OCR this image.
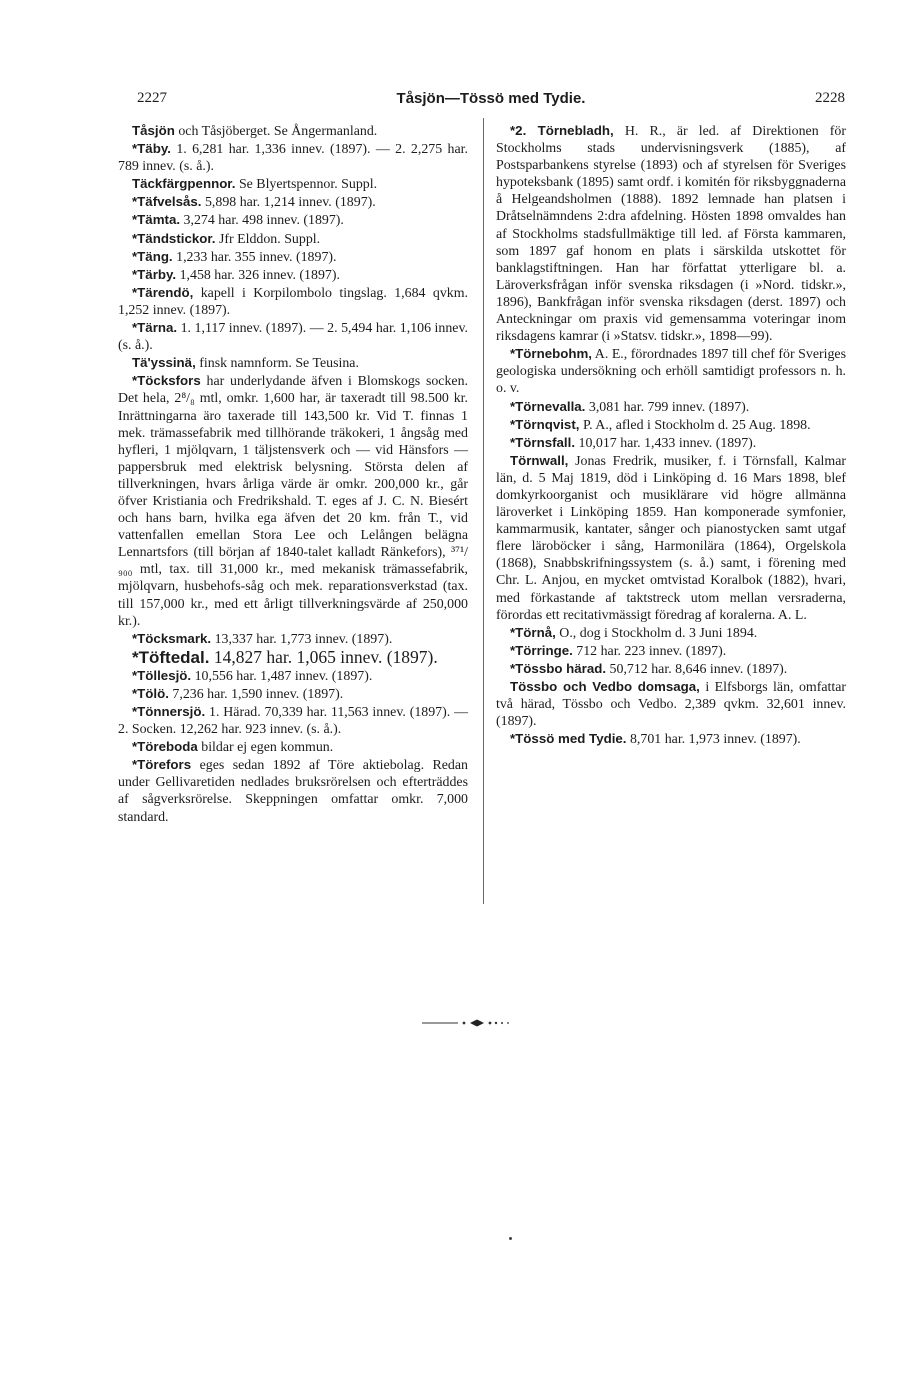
2227	Tåsjön—Tössö med Tydie.	2228

Tåsjön och Tåsjöberget. Se Ångermanland.

*Täby. 1. 6,281 har. 1,336 innev. (1897). — 2. 2,275 har. 789 innev. (s. å.).

Täckfärgpennor. Se Blyertspennor. Suppl.

*Täfvelsås. 5,898 har. 1,214 innev. (1897).

*Tämta. 3,274 har. 498 innev. (1897).

*Tändstickor. Jfr Elddon. Suppl.

*Täng. 1,233 har. 355 innev. (1897).

*Tärby. 1,458 har. 326 innev. (1897).

*Tärendö, kapell i Korpilombolo tingslag. 1,684 qvkm. 1,252 innev. (1897).

*Tärna. 1. 1,117 innev. (1897). — 2. 5,494 har. 1,106 innev. (s. å.).

Tä'yssinä, finsk namnform. Se Teusina.

*Töcksfors har underlydande äfven i Blomskogs socken. Det hela, 2⁸/₈ mtl, omkr. 1,600 har, är taxeradt till 98.500 kr. Inrättningarna äro taxerade till 143,500 kr. Vid T. finnas 1 mek. trämassefabrik med tillhörande träkokeri, 1 ångsåg med hyfleri, 1 mjölqvarn, 1 täljstensverk och — vid Hänsfors — pappersbruk med elektrisk belysning. Största delen af tillverkningen, hvars årliga värde är omkr. 200,000 kr., går öfver Kristiania och Fredrikshald. T. eges af J. C. N. Biesért och hans barn, hvilka ega äfven det 20 km. från T., vid vattenfallen emellan Stora Lee och Lelången belägna Lennartsfors (till början af 1840-talet kalladt Ränkefors), ³⁷¹/₉₀₀ mtl, tax. till 31,000 kr., med mekanisk trämassefabrik, mjölqvarn, husbehofs-såg och mek. reparationsverkstad (tax. till 157,000 kr., med ett årligt tillverkningsvärde af 250,000 kr.).

*Töcksmark. 13,337 har. 1,773 innev. (1897).

*Töftedal. 14,827 har. 1,065 innev. (1897).

*Töllesjö. 10,556 har. 1,487 innev. (1897).

*Tölö. 7,236 har. 1,590 innev. (1897).

*Tönnersjö. 1. Härad. 70,339 har. 11,563 innev. (1897). — 2. Socken. 12,262 har. 923 innev. (s. å.).

*Töreboda bildar ej egen kommun.

*Törefors eges sedan 1892 af Töre aktiebolag. Redan under Gellivaretiden nedlades bruksrörelsen och efterträddes af sågverksrörelse. Skeppningen omfattar omkr. 7,000 standard.

*2. Törnebladh, H. R., är led. af Direktionen för Stockholms stads undervisningsverk (1885), af Postsparbankens styrelse (1893) och af styrelsen för Sveriges hypoteksbank (1895) samt ordf. i komitén för riksbyggnaderna å Helgeandsholmen (1888). 1892 lemnade han platsen i Dråtselnämndens 2:dra afdelning. Hösten 1898 omvaldes han af Stockholms stadsfullmäktige till led. af Första kammaren, som 1897 gaf honom en plats i särskilda utskottet för banklagstiftningen. Han har författat ytterligare bl. a. Läroverksfrågan inför svenska riksdagen (i »Nord. tidskr.», 1896), Bankfrågan inför svenska riksdagen (derst. 1897) och Anteckningar om praxis vid gemensamma voteringar inom riksdagens kamrar (i »Statsv. tidskr.», 1898—99).

*Törnebohm, A. E., förordnades 1897 till chef för Sveriges geologiska undersökning och erhöll samtidigt professors n. h. o. v.

*Törnevalla. 3,081 har. 799 innev. (1897).

*Törnqvist, P. A., afled i Stockholm d. 25 Aug. 1898.

*Törnsfall. 10,017 har. 1,433 innev. (1897).

Törnwall, Jonas Fredrik, musiker, f. i Törnsfall, Kalmar län, d. 5 Maj 1819, död i Linköping d. 16 Mars 1898, blef domkyrkoorganist och musiklärare vid högre allmänna läroverket i Linköping 1859. Han komponerade symfonier, kammarmusik, kantater, sånger och pianostycken samt utgaf flere läroböcker i sång, Harmonilära (1864), Orgelskola (1868), Snabbskrifningssystem (s. å.) samt, i förening med Chr. L. Anjou, en mycket omtvistad Koralbok (1882), hvari, med förkastande af taktstreck utom mellan versraderna, förordas ett recitativmässigt föredrag af koralerna. A. L.

*Törnå, O., dog i Stockholm d. 3 Juni 1894.

*Törringe. 712 har. 223 innev. (1897).

*Tössbo härad. 50,712 har. 8,646 innev. (1897).

Tössbo och Vedbo domsaga, i Elfsborgs län, omfattar två härad, Tössbo och Vedbo. 2,389 qvkm. 32,601 innev. (1897).

*Tössö med Tydie. 8,701 har. 1,973 innev. (1897).
